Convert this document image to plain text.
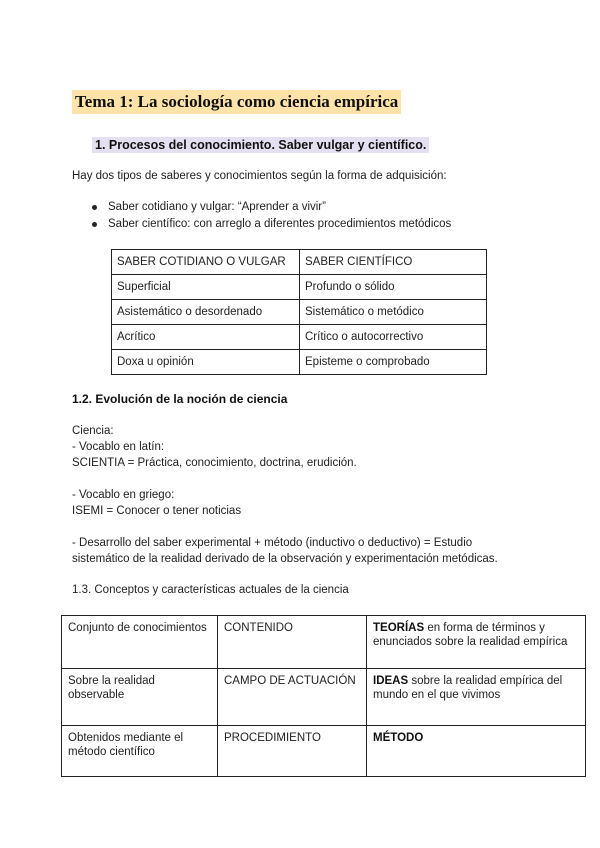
Tema 1: La sociología como ciencia empírica
1. Procesos del conocimiento. Saber vulgar y científico.
Hay dos tipos de saberes y conocimientos según la forma de adquisición:
Saber cotidiano y vulgar: “Aprender a vivir”
Saber científico: con arreglo a diferentes procedimientos metódicos
SABER COTIDIANO O VULGAR	SABER CIENTÍFICO
Superficial	Profundo o sólido
Asistemático o desordenado	Sistemático o metódico
Acrítico	Crítico o autocorrectivo
Doxa u opinión	Episteme o comprobado
1.2. Evolución de la noción de ciencia
Ciencia:
- Vocablo en latín:
SCIENTIA = Práctica, conocimiento, doctrina, erudición.
- Vocablo en griego:
ISEMI = Conocer o tener noticias
- Desarrollo del saber experimental + método (inductivo o deductivo) = Estudio
sistemático de la realidad derivado de la observación y experimentación metódicas.
1.3. Conceptos y características actuales de la ciencia
Conjunto de conocimientos	CONTENIDO	TEORÍAS en forma de términos y enunciados sobre la realidad empírica
Sobre la realidad observable	CAMPO DE ACTUACIÓN	IDEAS sobre la realidad empírica del mundo en el que vivimos
Obtenidos mediante el método científico	PROCEDIMIENTO	MÉTODO
